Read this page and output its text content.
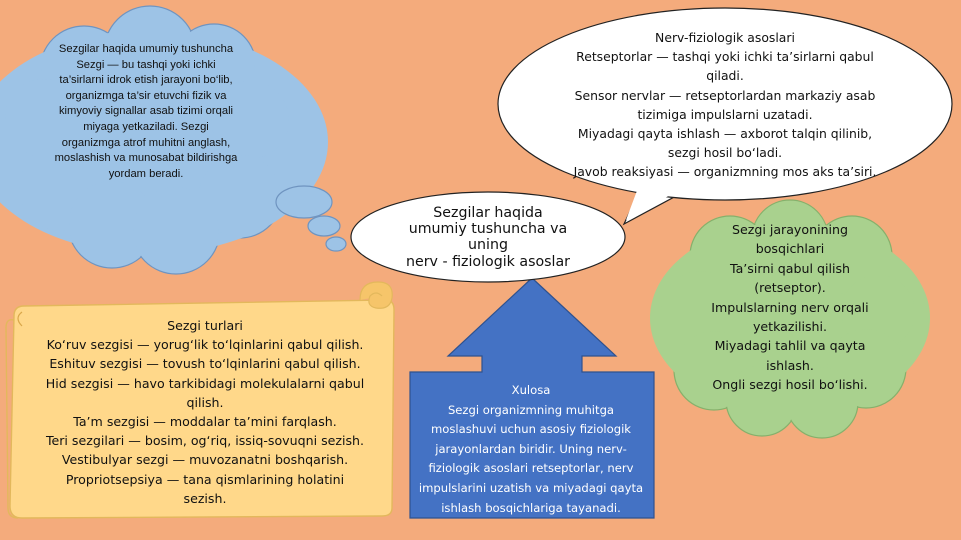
Sezgilar haqida umumiy tushuncha
Sezgi — bu tashqi yoki ichki
ta’sirlarni idrok etish jarayoni bo‘lib,
organizmga ta’sir etuvchi fizik va
kimyoviy signallar asab tizimi orqali
miyaga yetkaziladi. Sezgi
organizmga atrof muhitni anglash,
moslashish va munosabat bildirishga
yordam beradi.
Nerv-fiziologik asoslari
Retseptorlar — tashqi yoki ichki ta’sirlarni qabul
qiladi.
Sensor nervlar — retseptorlardan markaziy asab
tizimiga impulslarni uzatadi.
Miyadagi qayta ishlash — axborot talqin qilinib,
sezgi hosil bo‘ladi.
Javob reaksiyasi — organizmning mos aks ta’siri.
Sezgilar haqida
umumiy tushuncha va
uning
nerv - fiziologik asoslar
Sezgi jarayonining
bosqichlari
Ta’sirni qabul qilish
(retseptor).
Impulslarning nerv orqali
yetkazilishi.
Miyadagi tahlil va qayta
ishlash.
Ongli sezgi hosil bo‘lishi.
Sezgi turlari
Ko‘ruv sezgisi — yorug‘lik to‘lqinlarini qabul qilish.
Eshituv sezgisi — tovush to‘lqinlarini qabul qilish.
Hid sezgisi — havo tarkibidagi molekulalarni qabul
qilish.
Ta’m sezgisi — moddalar ta’mini farqlash.
Teri sezgilari — bosim, og‘riq, issiq-sovuqni sezish.
Vestibulyar sezgi — muvozanatni boshqarish.
Propriotsepsiya — tana qismlarining holatini
sezish.
Xulosa
Sezgi organizmning muhitga
moslashuvi uchun asosiy fiziologik
jarayonlardan biridir. Uning nerv-
fiziologik asoslari retseptorlar, nerv
impulslarini uzatish va miyadagi qayta
ishlash bosqichlariga tayanadi.
